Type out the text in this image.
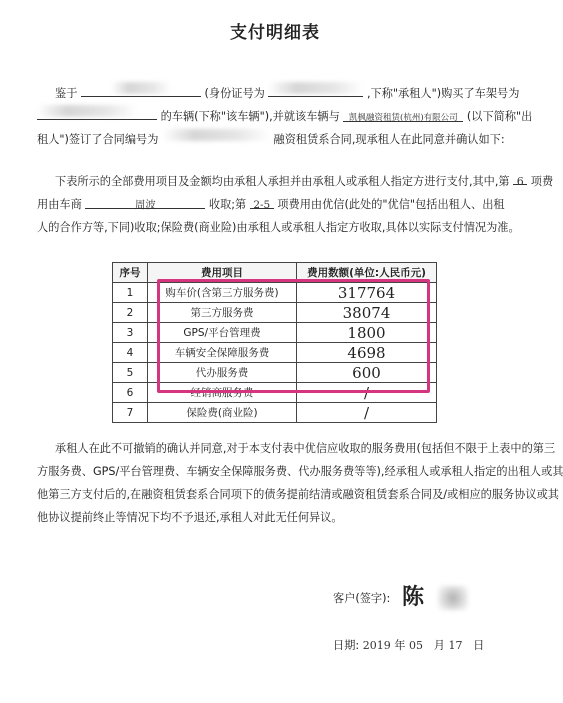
支付明细表
鉴于	(身份证号为	,下称"承租人")购买了车架号为
的车辆(下称"该车辆"),并就该车辆与 凯枫融资租赁(杭州)有限公司 (以下简称"出
租人")签订了合同编号为	融资租赁系合同,现承租人在此同意并确认如下:
下表所示的全部费用项目及金额均由承租人承担并由承租人或承租人指定方进行支付,其中,第 6 项费
用由车商	周波	收取;第 2-5 项费用由优信(此处的"优信"包括出租人、出租
人的合作方等,下同)收取;保险费(商业险)由承租人或承租人指定方收取,具体以实际支付情况为准。
序号	费用项目	费用数额(单位:人民币元)
1	购车价(含第三方服务费)	317764
2	第三方服务费	38074
3	GPS/平台管理费	1800
4	车辆安全保障服务费	4698
5	代办服务费	600
6	经销商服务费	/
7	保险费(商业险)	/
承租人在此不可撤销的确认并同意,对于本支付表中优信应收取的服务费用(包括但不限于上表中的第三
方服务费、GPS/平台管理费、车辆安全保障服务费、代办服务费等等),经承租人或承租人指定的出租人或其
他第三方支付后的,在融资租赁套系合同项下的债务提前结清或融资租赁套系合同及/或相应的服务协议或其
他协议提前终止等情况下均不予退还,承租人对此无任何异议。
客户(签字): 陈
日期: 2019 年 05 月 17 日
